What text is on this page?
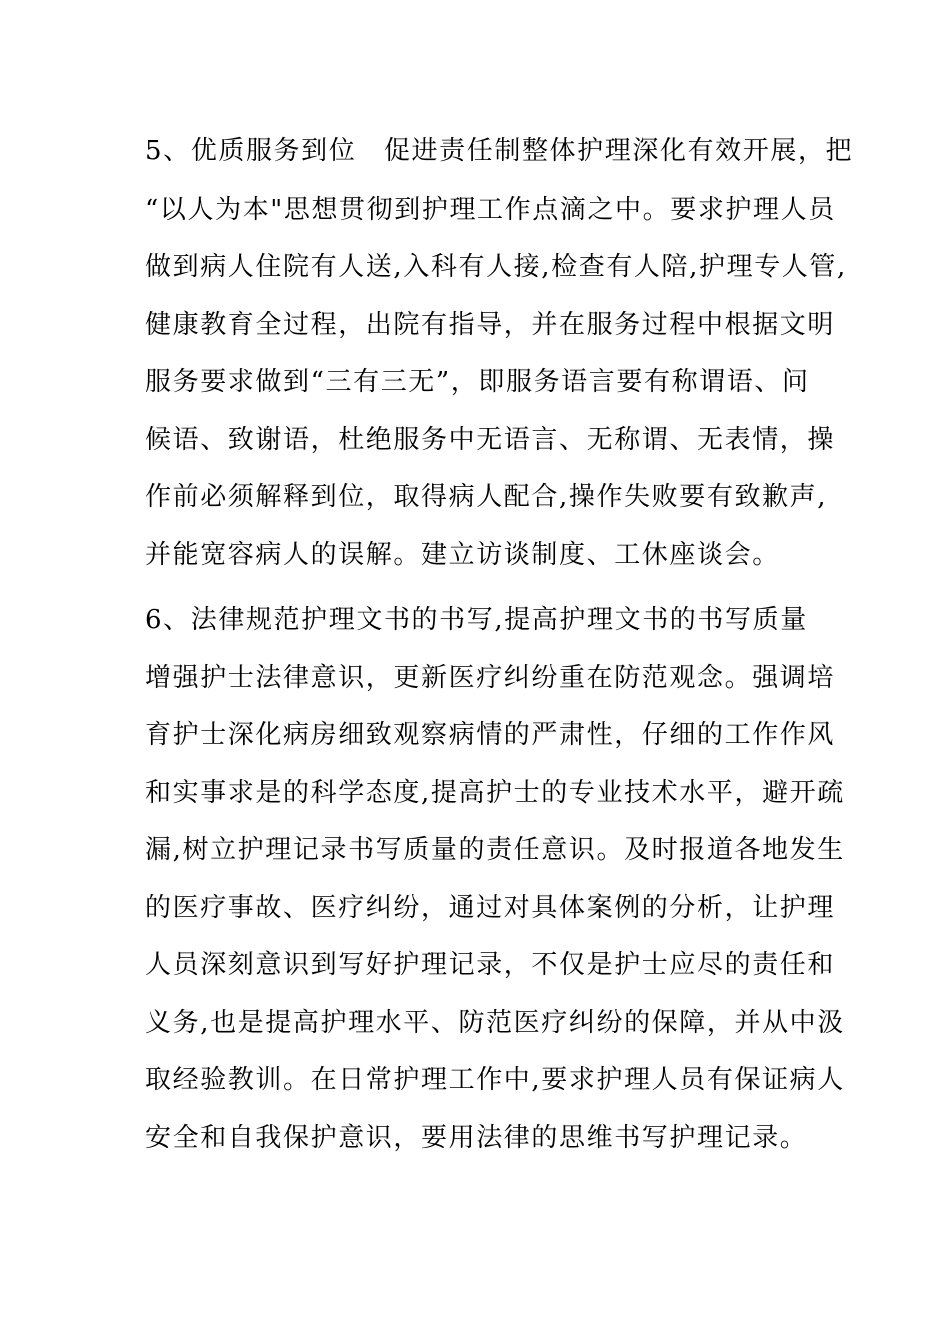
5、优质服务到位　促进责任制整体护理深化有效开展，把
“以人为本"思想贯彻到护理工作点滴之中。要求护理人员
做到病人住院有人送,入科有人接,检查有人陪,护理专人管,
健康教育全过程，出院有指导，并在服务过程中根据文明
服务要求做到“三有三无”，即服务语言要有称谓语、问
候语、致谢语，杜绝服务中无语言、无称谓、无表情，操
作前必须解释到位，取得病人配合,操作失败要有致歉声,
并能宽容病人的误解。建立访谈制度、工休座谈会。
6、法律规范护理文书的书写,提高护理文书的书写质量
增强护士法律意识，更新医疗纠纷重在防范观念。强调培
育护士深化病房细致观察病情的严肃性，仔细的工作作风
和实事求是的科学态度,提高护士的专业技术水平，避开疏
漏,树立护理记录书写质量的责任意识。及时报道各地发生
的医疗事故、医疗纠纷，通过对具体案例的分析，让护理
人员深刻意识到写好护理记录，不仅是护士应尽的责任和
义务,也是提高护理水平、防范医疗纠纷的保障，并从中汲
取经验教训。在日常护理工作中,要求护理人员有保证病人
安全和自我保护意识，要用法律的思维书写护理记录。
